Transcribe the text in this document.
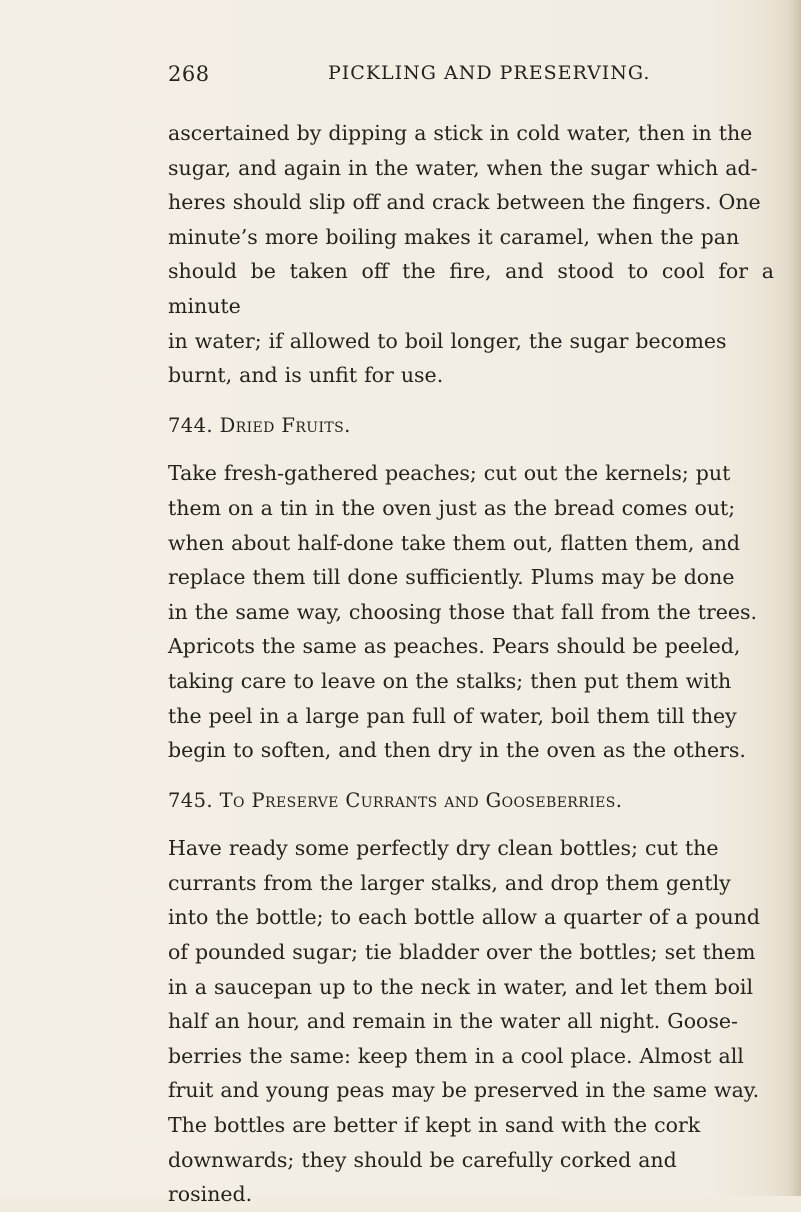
268	PICKLING AND PRESERVING.

ascertained by dipping a stick in cold water, then in the
sugar, and again in the water, when the sugar which ad-
heres should slip off and crack between the fingers. One
minute’s more boiling makes it caramel, when the pan
should be taken off the fire, and stood to cool for a minute
in water; if allowed to boil longer, the sugar becomes
burnt, and is unfit for use.

744. Dried Fruits.

Take fresh-gathered peaches; cut out the kernels; put
them on a tin in the oven just as the bread comes out;
when about half-done take them out, flatten them, and
replace them till done sufficiently. Plums may be done
in the same way, choosing those that fall from the trees.
Apricots the same as peaches. Pears should be peeled,
taking care to leave on the stalks; then put them with
the peel in a large pan full of water, boil them till they
begin to soften, and then dry in the oven as the others.

745. To Preserve Currants and Gooseberries.

Have ready some perfectly dry clean bottles; cut the
currants from the larger stalks, and drop them gently
into the bottle; to each bottle allow a quarter of a pound
of pounded sugar; tie bladder over the bottles; set them
in a saucepan up to the neck in water, and let them boil
half an hour, and remain in the water all night. Goose-
berries the same: keep them in a cool place. Almost all
fruit and young peas may be preserved in the same way.
The bottles are better if kept in sand with the cork
downwards; they should be carefully corked and
rosined.
